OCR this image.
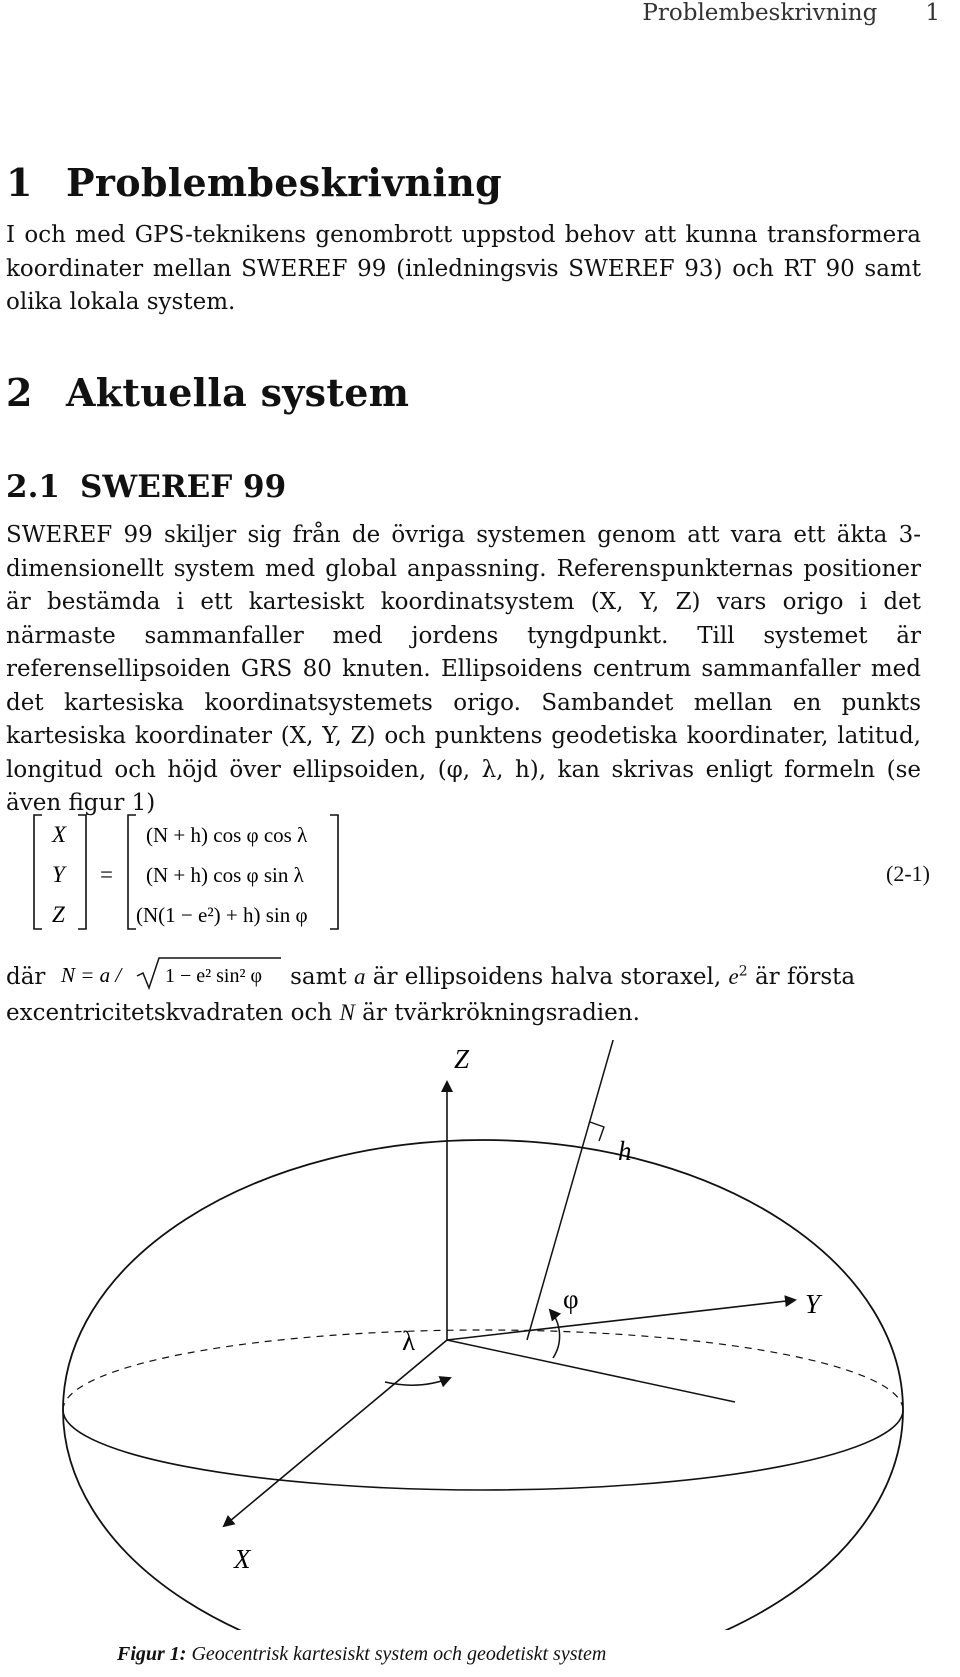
Problembeskrivning 1
1 Problembeskrivning

I och med GPS-teknikens genombrott uppstod behov att kunna transformera koordinater mellan SWEREF 99 (inledningsvis SWEREF 93) och RT 90 samt olika lokala system.

2 Aktuella system
2.1 SWEREF 99

SWEREF 99 skiljer sig från de övriga systemen genom att vara ett äkta 3-dimensionellt system med global anpassning. Referenspunkternas positioner är bestämda i ett kartesiskt koordinatsystem (X, Y, Z) vars origo i det närmaste sammanfaller med jordens tyngdpunkt. Till systemet är referensellipsoiden GRS 80 knuten. Ellipsoidens centrum sammanfaller med det kartesiska koordinatsystemets origo. Sambandet mellan en punkts kartesiska koordinater (X, Y, Z) och punktens geodetiska koordinater, latitud, longitud och höjd över ellipsoiden, (φ, λ, h), kan skrivas enligt formeln (se även figur 1)

X
Y
Z
=
(N + h) cos φ cos λ
(N + h) cos φ sin λ
(N(1 − e²) + h) sin φ
(2-1)
där N = a / 1 − e² sin² φ samt a är ellipsoidens halva storaxel, $e^2$ är första excentricitetskvadraten och N är tvärkrökningsradien.
Z
Y
X
h
φ
λ
Figur 1: Geocentrisk kartesiskt system och geodetiskt system
